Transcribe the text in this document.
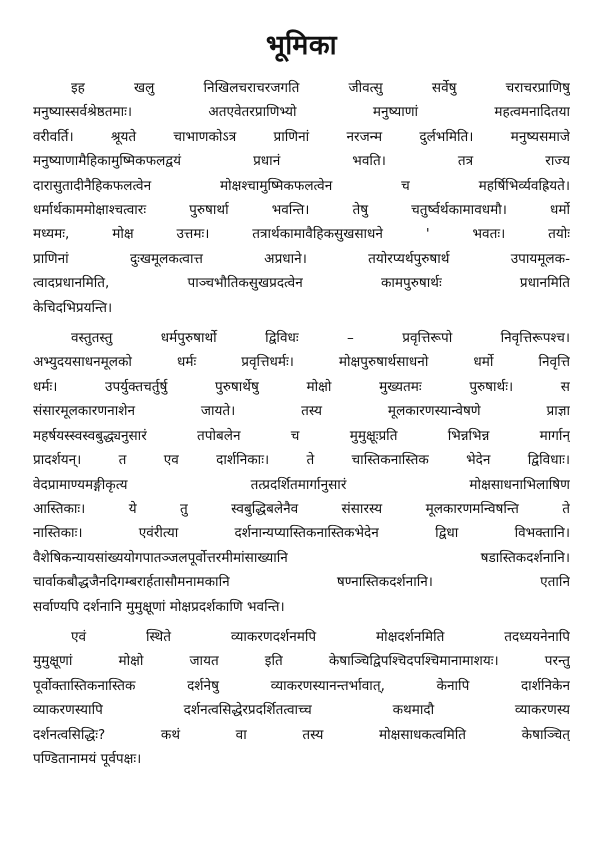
भूमिका
इह खलु निखिलचराचरजगति जीवत्सु सर्वेषु चराचरप्राणिषु
मनुष्यास्सर्वश्रेष्ठतमाः। अतएवेतरप्राणिभ्यो मनुष्याणां महत्वमनादितया
वरीवर्ति। श्रूयते चाभाणकोऽत्र प्राणिनां नरजन्म दुर्लभमिति। मनुष्यसमाजे
मनुष्याणामैहिकामुष्मिकफलद्वयं प्रधानं भवति। तत्र राज्य
दारासुतादीनैहिकफलत्वेन मोक्षश्चामुष्मिकफलत्वेन च महर्षिभिर्व्यवह्रियते।
धर्मार्थकाममोक्षाश्चत्वारः पुरुषार्था भवन्ति। तेषु चतुर्ष्वर्थकामावधमौ। धर्मो
मध्यमः, मोक्ष उत्तमः। तत्रार्थकामावैहिकसुखसाधने ' भवतः। तयोः
प्राणिनां दुःखमूलकत्वात्त अप्रधाने। तयोरप्यर्थपुरुषार्थ उपायमूलक-
त्वादप्रधानमिति, पाञ्चभौतिकसुखप्रदत्वेन कामपुरुषार्थः प्रधानमिति
केचिदभिप्रयन्ति।
वस्तुतस्तु धर्मपुरुषार्थो द्विविधः – प्रवृत्तिरूपो निवृत्तिरूपश्च।
अभ्युदयसाधनमूलको धर्मः प्रवृत्तिधर्मः। मोक्षपुरुषार्थसाधनो धर्मो निवृत्ति
धर्मः। उपर्युक्तचर्तुर्षु पुरुषार्थेषु मोक्षो मुख्यतमः पुरुषार्थः। स
संसारमूलकारणनाशेन जायते। तस्य मूलकारणस्यान्वेषणे प्राज्ञा
महर्षयस्स्वस्वबुद्ध्यनुसारं तपोबलेन च मुमुक्षूःप्रति भिन्नभिन्न मार्गान्
प्रादर्शयन्। त एव दार्शनिकाः। ते चास्तिकनास्तिक भेदेन द्विविधाः।
वेदप्रामाण्यमङ्गीकृत्य तत्प्रदर्शितमार्गानुसारं मोक्षसाधनाभिलाषिण
आस्तिकाः। ये तु स्वबुद्धिबलेनैव संसारस्य मूलकारणमन्विषन्ति ते
नास्तिकाः। एवंरीत्या दर्शनान्यप्यास्तिकनास्तिकभेदेन द्विधा विभक्तानि।
वैशेषिकन्यायसांख्ययोगपातञ्जलपूर्वोत्तरमीमांसाख्यानि षडास्तिकदर्शनानि।
चार्वाकबौद्धजैनदिगम्बरार्हतासौमनामकानि षण्नास्तिकदर्शनानि। एतानि
सर्वाण्यपि दर्शनानि मुमुक्षूणां मोक्षप्रदर्शकाणि भवन्ति।
एवं स्थिते व्याकरणदर्शनमपि मोक्षदर्शनमिति तदध्ययनेनापि
मुमुक्षूणां मोक्षो जायत इति केषाञ्चिद्विपश्चिदपश्चिमानामाशयः। परन्तु
पूर्वोक्तास्तिकनास्तिक दर्शनेषु व्याकरणस्यानन्तर्भावात्, केनापि दार्शनिकेन
व्याकरणस्यापि दर्शनत्वसिद्धेरप्रदर्शितत्वाच्च कथमादौ व्याकरणस्य
दर्शनत्वसिद्धिः? कथं वा तस्य मोक्षसाधकत्वमिति केषाञ्चित्
पण्डितानामयं पूर्वपक्षः।
